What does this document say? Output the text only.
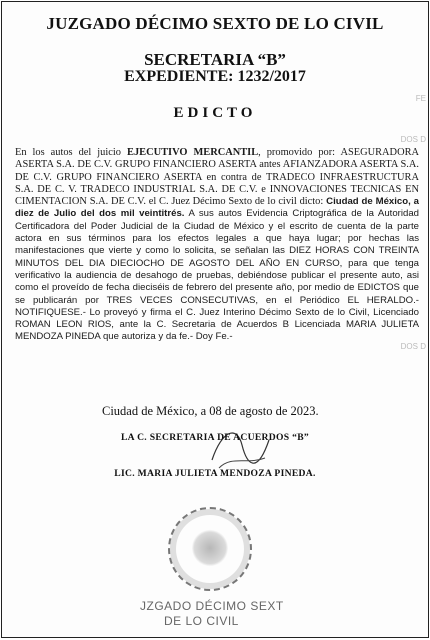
FE
DOS D
DOS D
JUZGADO DÉCIMO SEXTO DE LO CIVIL
SECRETARIA “B”
EXPEDIENTE: 1232/2017
EDICTO
En los autos del juicio EJECUTIVO MERCANTIL, promovido por: ASEGURADORA ASERTA S.A. DE C.V. GRUPO FINANCIERO ASERTA antes AFIANZADORA ASERTA S.A. DE C.V. GRUPO FINANCIERO ASERTA en contra de TRADECO INFRAESTRUCTURA S.A. DE C. V. TRADECO INDUSTRIAL S.A. DE C.V. e INNOVACIONES TECNICAS EN CIMENTACION S.A. DE C.V. el C. Juez Décimo Sexto de lo civil dicto: Ciudad de México, a diez de Julio del dos mil veintitrés. A sus autos Evidencia Criptográfica de la Autoridad Certificadora del Poder Judicial de la Ciudad de México y el escrito de cuenta de la parte actora en sus términos para los efectos legales a que haya lugar; por hechas las manifestaciones que vierte y como lo solicita, se señalan las DIEZ HORAS CON TREINTA MINUTOS DEL DIA DIECIOCHO DE AGOSTO DEL AÑO EN CURSO, para que tenga verificativo la audiencia de desahogo de pruebas, debiéndose publicar el presente auto, asi como el proveído de fecha dieciséis de febrero del presente año, por medio de EDICTOS que se publicarán por TRES VECES CONSECUTIVAS, en el Periódico EL HERALDO.- NOTIFIQUESE.- Lo proveyó y firma el C. Juez Interino Décimo Sexto de lo Civil, Licenciado ROMAN LEON RIOS, ante la C. Secretaria de Acuerdos B Licenciada MARIA JULIETA MENDOZA PINEDA que autoriza y da fe.- Doy Fe.-
Ciudad de México, a 08 de agosto de 2023.
LA C. SECRETARIA DE ACUERDOS “B”
LIC. MARIA JULIETA MENDOZA PINEDA.
JZGADO DÉCIMO SEXT
DE LO CIVIL
